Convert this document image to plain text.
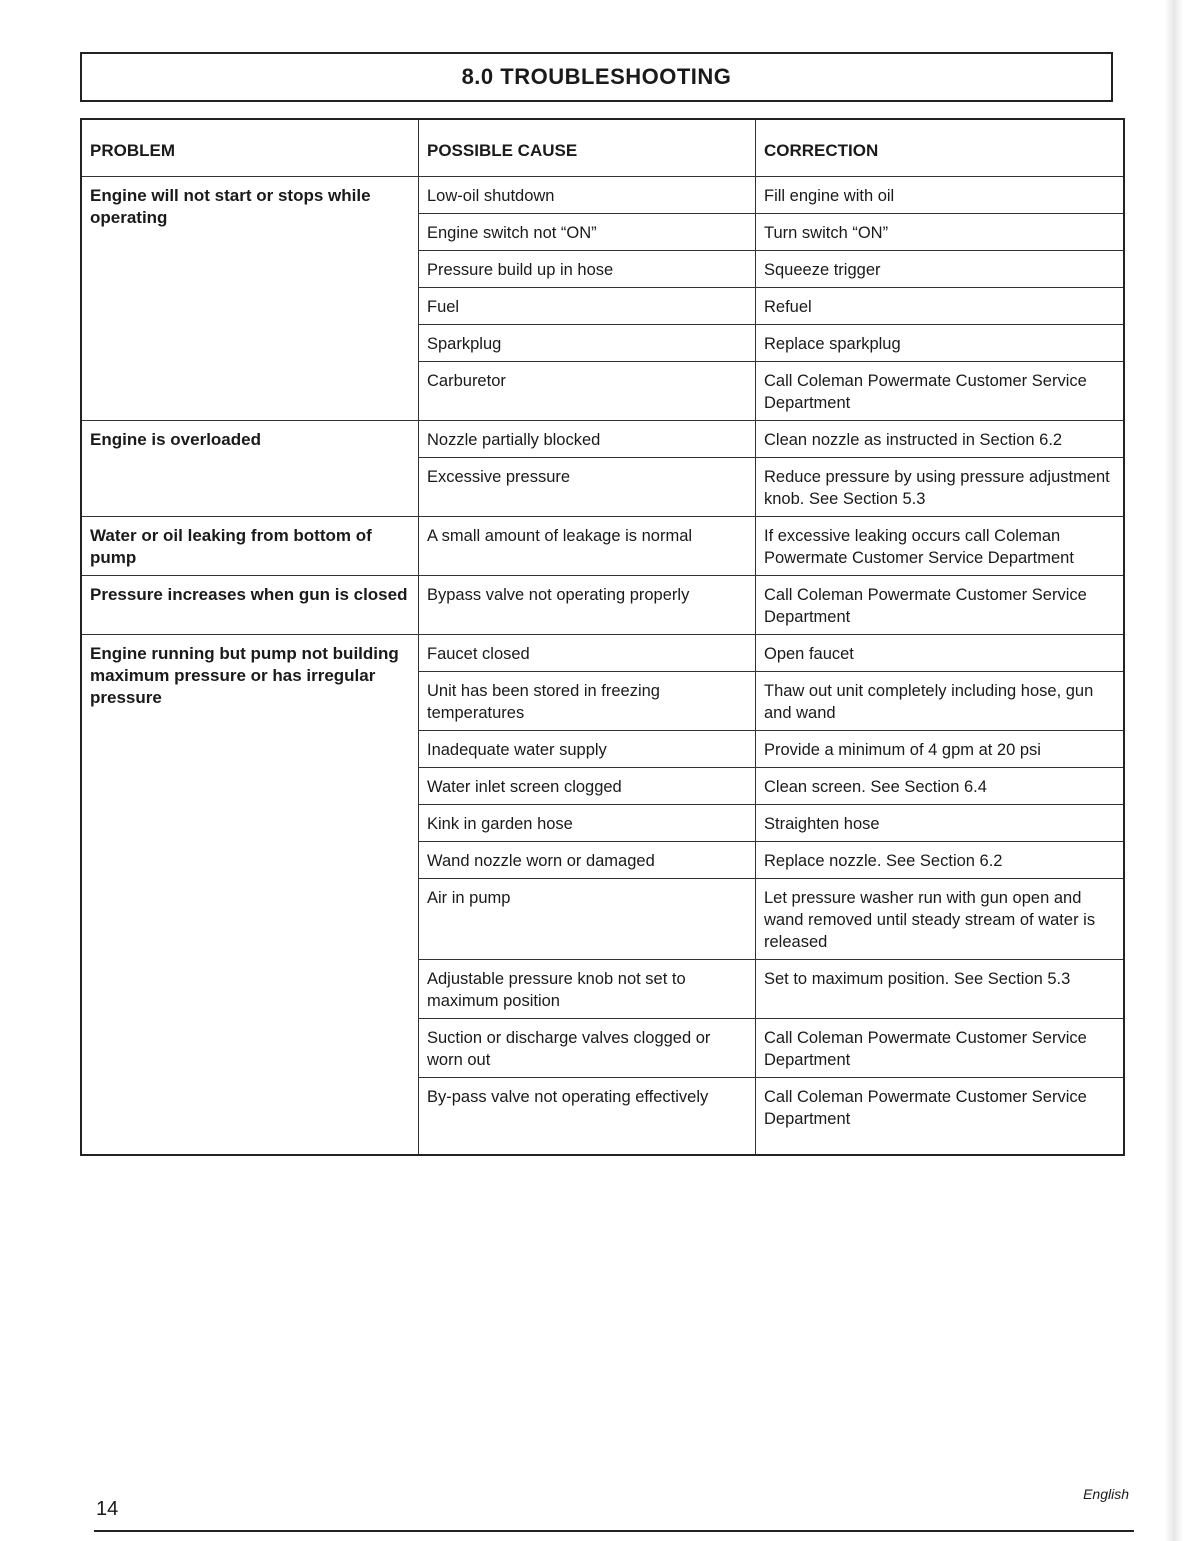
8.0 TROUBLESHOOTING
PROBLEM	POSSIBLE CAUSE	CORRECTION
Engine will not start or stops while operating	Low-oil shutdown	Fill engine with oil
	Engine switch not “ON”	Turn switch “ON”
	Pressure build up in hose	Squeeze trigger
	Fuel	Refuel
	Sparkplug	Replace sparkplug
	Carburetor	Call Coleman Powermate Customer Service Department
Engine is overloaded	Nozzle partially blocked	Clean nozzle as instructed in Section 6.2
	Excessive pressure	Reduce pressure by using pressure adjustment knob. See Section 5.3
Water or oil leaking from bottom of pump	A small amount of leakage is normal	If excessive leaking occurs call Coleman Powermate Customer Service Department
Pressure increases when gun is closed	Bypass valve not operating properly	Call Coleman Powermate Customer Service Department
Engine running but pump not building maximum pressure or has irregular pressure	Faucet closed	Open faucet
	Unit has been stored in freezing temperatures	Thaw out unit completely including hose, gun and wand
	Inadequate water supply	Provide a minimum of 4 gpm at 20 psi
	Water inlet screen clogged	Clean screen. See Section 6.4
	Kink in garden hose	Straighten hose
	Wand nozzle worn or damaged	Replace nozzle. See Section 6.2
	Air in pump	Let pressure washer run with gun open and wand removed until steady stream of water is released
	Adjustable pressure knob not set to maximum position	Set to maximum position. See Section 5.3
	Suction or discharge valves clogged or worn out	Call Coleman Powermate Customer Service Department
	By-pass valve not operating effectively	Call Coleman Powermate Customer Service Department
14
English
